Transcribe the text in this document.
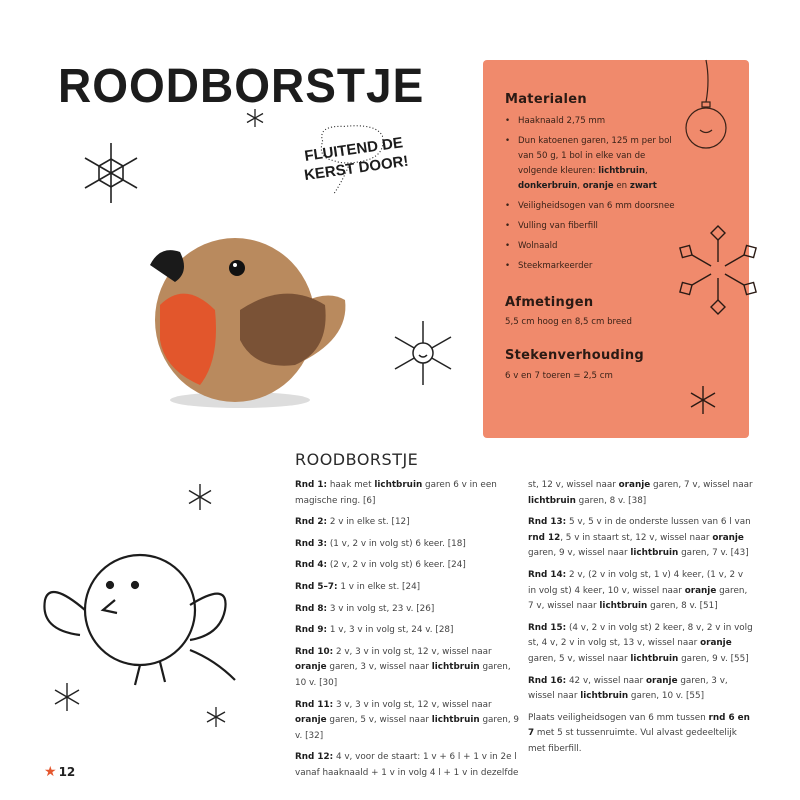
ROODBORSTJE
FLUITEND DE KERST DOOR!
Materialen
• Haaknaald 2,75 mm
• Dun katoenen garen, 125 m per bol van 50 g, 1 bol in elke van de volgende kleuren: lichtbruin, donkerbruin, oranje en zwart
• Veiligheidsogen van 6 mm doorsnee
• Vulling van fiberfill
• Wolnaald
• Steekmarkeerder
Afmetingen

5,5 cm hoog en 8,5 cm breed

Stekenverhouding

6 v en 7 toeren = 2,5 cm

ROODBORSTJE

Rnd 1: haak met lichtbruin garen 6 v in een magische ring. [6]

Rnd 2: 2 v in elke st. [12]

Rnd 3: (1 v, 2 v in volg st) 6 keer. [18]

Rnd 4: (2 v, 2 v in volg st) 6 keer. [24]

Rnd 5–7: 1 v in elke st. [24]

Rnd 8: 3 v in volg st, 23 v. [26]

Rnd 9: 1 v, 3 v in volg st, 24 v. [28]

Rnd 10: 2 v, 3 v in volg st, 12 v, wissel naar oranje garen, 3 v, wissel naar lichtbruin garen, 10 v. [30]

Rnd 11: 3 v, 3 v in volg st, 12 v, wissel naar oranje garen, 5 v, wissel naar lichtbruin garen, 9 v. [32]

Rnd 12: 4 v, voor de staart: 1 v + 6 l + 1 v in 2e l vanaf haaknaald + 1 v in volg 4 l + 1 v in dezelfde

st, 12 v, wissel naar oranje garen, 7 v, wissel naar lichtbruin garen, 8 v. [38]

Rnd 13: 5 v, 5 v in de onderste lussen van 6 l van rnd 12, 5 v in staart st, 12 v, wissel naar oranje garen, 9 v, wissel naar lichtbruin garen, 7 v. [43]

Rnd 14: 2 v, (2 v in volg st, 1 v) 4 keer, (1 v, 2 v in volg st) 4 keer, 10 v, wissel naar oranje garen, 7 v, wissel naar lichtbruin garen, 8 v. [51]

Rnd 15: (4 v, 2 v in volg st) 2 keer, 8 v, 2 v in volg st, 4 v, 2 v in volg st, 13 v, wissel naar oranje garen, 5 v, wissel naar lichtbruin garen, 9 v. [55]

Rnd 16: 42 v, wissel naar oranje garen, 3 v, wissel naar lichtbruin garen, 10 v. [55]

Plaats veiligheidsogen van 6 mm tussen rnd 6 en 7 met 5 st tussenruimte. Vul alvast gedeeltelijk met fiberfill.

★ 12
